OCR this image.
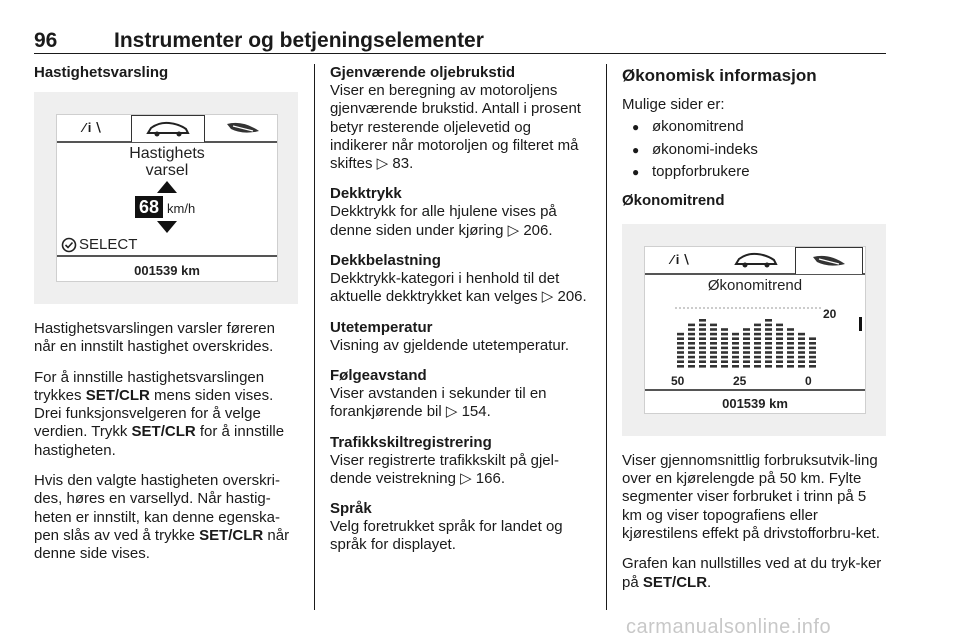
96	Instrumenter og betjeningselementer
Hastighetsvarsling
∕ i ∖
Hastighets
varsel
68 km/h
SELECT
001539 km

Hastighetsvarslingen varsler føreren når en innstilt hastighet overskrides.

For å innstille hastighetsvarslingen trykkes SET/CLR mens siden vises. Drei funksjonsvelgeren for å velge verdien. Trykk SET/CLR for å innstille hastigheten.

Hvis den valgte hastigheten overskri-des, høres en varsellyd. Når hastig-heten er innstilt, kan denne egenska-pen slås av ved å trykke SET/CLR når denne side vises.

Gjenværende oljebrukstid

Viser en beregning av motoroljens gjenværende brukstid. Antall i prosent betyr resterende oljelevetid og indikerer når motoroljen og filteret må skiftes ▷ 83.

Dekktrykk

Dekktrykk for alle hjulene vises på denne siden under kjøring ▷ 206.

Dekkbelastning

Dekktrykk-kategori i henhold til det aktuelle dekktrykket kan velges ▷ 206.

Utetemperatur

Visning av gjeldende utetemperatur.

Følgeavstand

Viser avstanden i sekunder til en forankjørende bil ▷ 154.

Trafikkskiltregistrering

Viser registrerte trafikkskilt på gjel-dende veistrekning ▷ 166.

Språk

Velg foretrukket språk for landet og språk for displayet.

Økonomisk informasjon

Mulige sider er:

● økonomitrend
● økonomi-indeks
● toppforbrukere
Økonomitrend
∕ i ∖
Økonomitrend
20
50	25	0
001539 km

Viser gjennomsnittlig forbruksutvik-ling over en kjørelengde på 50 km. Fylte segmenter viser forbruket i trinn på 5 km og viser topografiens eller kjørestilens effekt på drivstofforbru-ket.

Grafen kan nullstilles ved at du tryk-ker på SET/CLR.

carmanualsonline.info
